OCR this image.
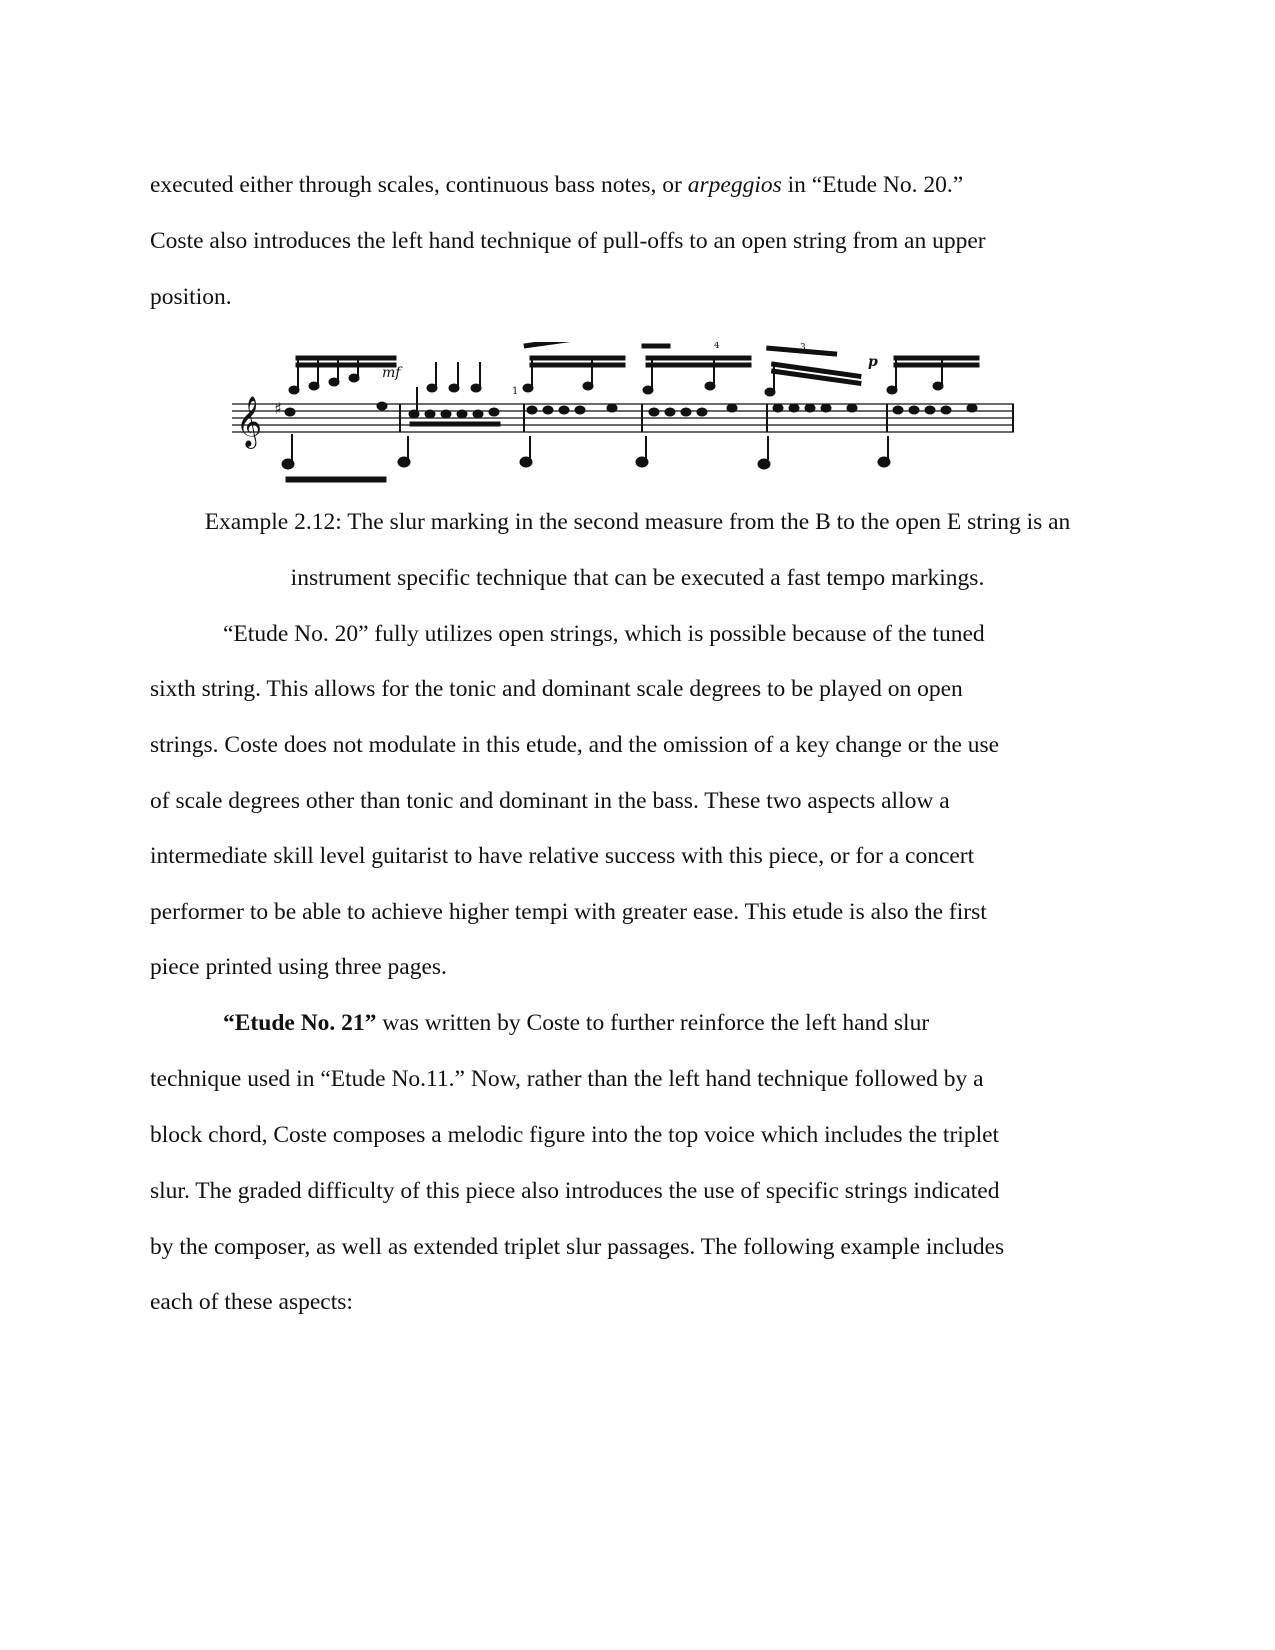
executed either through scales, continuous bass notes, or arpeggios in “Etude No. 20.”
Coste also introduces the left hand technique of pull-offs to an open string from an upper
position.
𝄞 ♯
mf
p
3
4
1
Example 2.12: The slur marking in the second measure from the B to the open E string is an
instrument specific technique that can be executed a fast tempo markings.
“Etude No. 20” fully utilizes open strings, which is possible because of the tuned
sixth string. This allows for the tonic and dominant scale degrees to be played on open
strings. Coste does not modulate in this etude, and the omission of a key change or the use
of scale degrees other than tonic and dominant in the bass. These two aspects allow a
intermediate skill level guitarist to have relative success with this piece, or for a concert
performer to be able to achieve higher tempi with greater ease. This etude is also the first
piece printed using three pages.
“Etude No. 21” was written by Coste to further reinforce the left hand slur
technique used in “Etude No.11.” Now, rather than the left hand technique followed by a
block chord, Coste composes a melodic figure into the top voice which includes the triplet
slur. The graded difficulty of this piece also introduces the use of specific strings indicated
by the composer, as well as extended triplet slur passages. The following example includes
each of these aspects:
